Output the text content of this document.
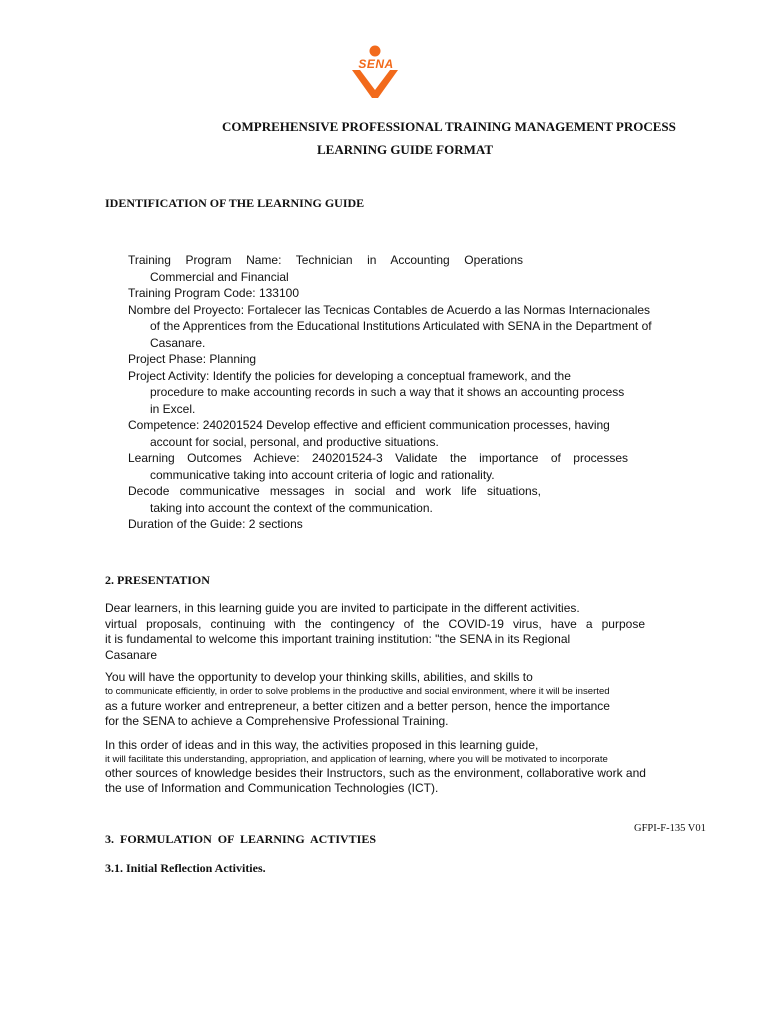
SENA
COMPREHENSIVE PROFESSIONAL TRAINING MANAGEMENT PROCESS
LEARNING GUIDE FORMAT
IDENTIFICATION OF THE LEARNING GUIDE
Training Program Name: Technician in Accounting Operations
Commercial and Financial
Training Program Code: 133100
Nombre del Proyecto: Fortalecer las Tecnicas Contables de Acuerdo a las Normas Internacionales
of the Apprentices from the Educational Institutions Articulated with SENA in the Department of
Casanare.
Project Phase: Planning
Project Activity: Identify the policies for developing a conceptual framework, and the
procedure to make accounting records in such a way that it shows an accounting process
in Excel.
Competence: 240201524 Develop effective and efficient communication processes, having
account for social, personal, and productive situations.
Learning Outcomes Achieve: 240201524-3 Validate the importance of processes
communicative taking into account criteria of logic and rationality.
Decode communicative messages in social and work life situations,
taking into account the context of the communication.
Duration of the Guide: 2 sections
2. PRESENTATION
Dear learners, in this learning guide you are invited to participate in the different activities.
virtual proposals, continuing with the contingency of the COVID-19 virus, have a purpose
it is fundamental to welcome this important training institution: "the SENA in its Regional
Casanare
You will have the opportunity to develop your thinking skills, abilities, and skills to
to communicate efficiently, in order to solve problems in the productive and social environment, where it will be inserted
as a future worker and entrepreneur, a better citizen and a better person, hence the importance
for the SENA to achieve a Comprehensive Professional Training.
In this order of ideas and in this way, the activities proposed in this learning guide,
it will facilitate this understanding, appropriation, and application of learning, where you will be motivated to incorporate
other sources of knowledge besides their Instructors, such as the environment, collaborative work and
the use of Information and Communication Technologies (ICT).
GFPI-F-135 V01
3.  FORMULATION  OF  LEARNING  ACTIVTIES
3.1. Initial Reflection Activities.
